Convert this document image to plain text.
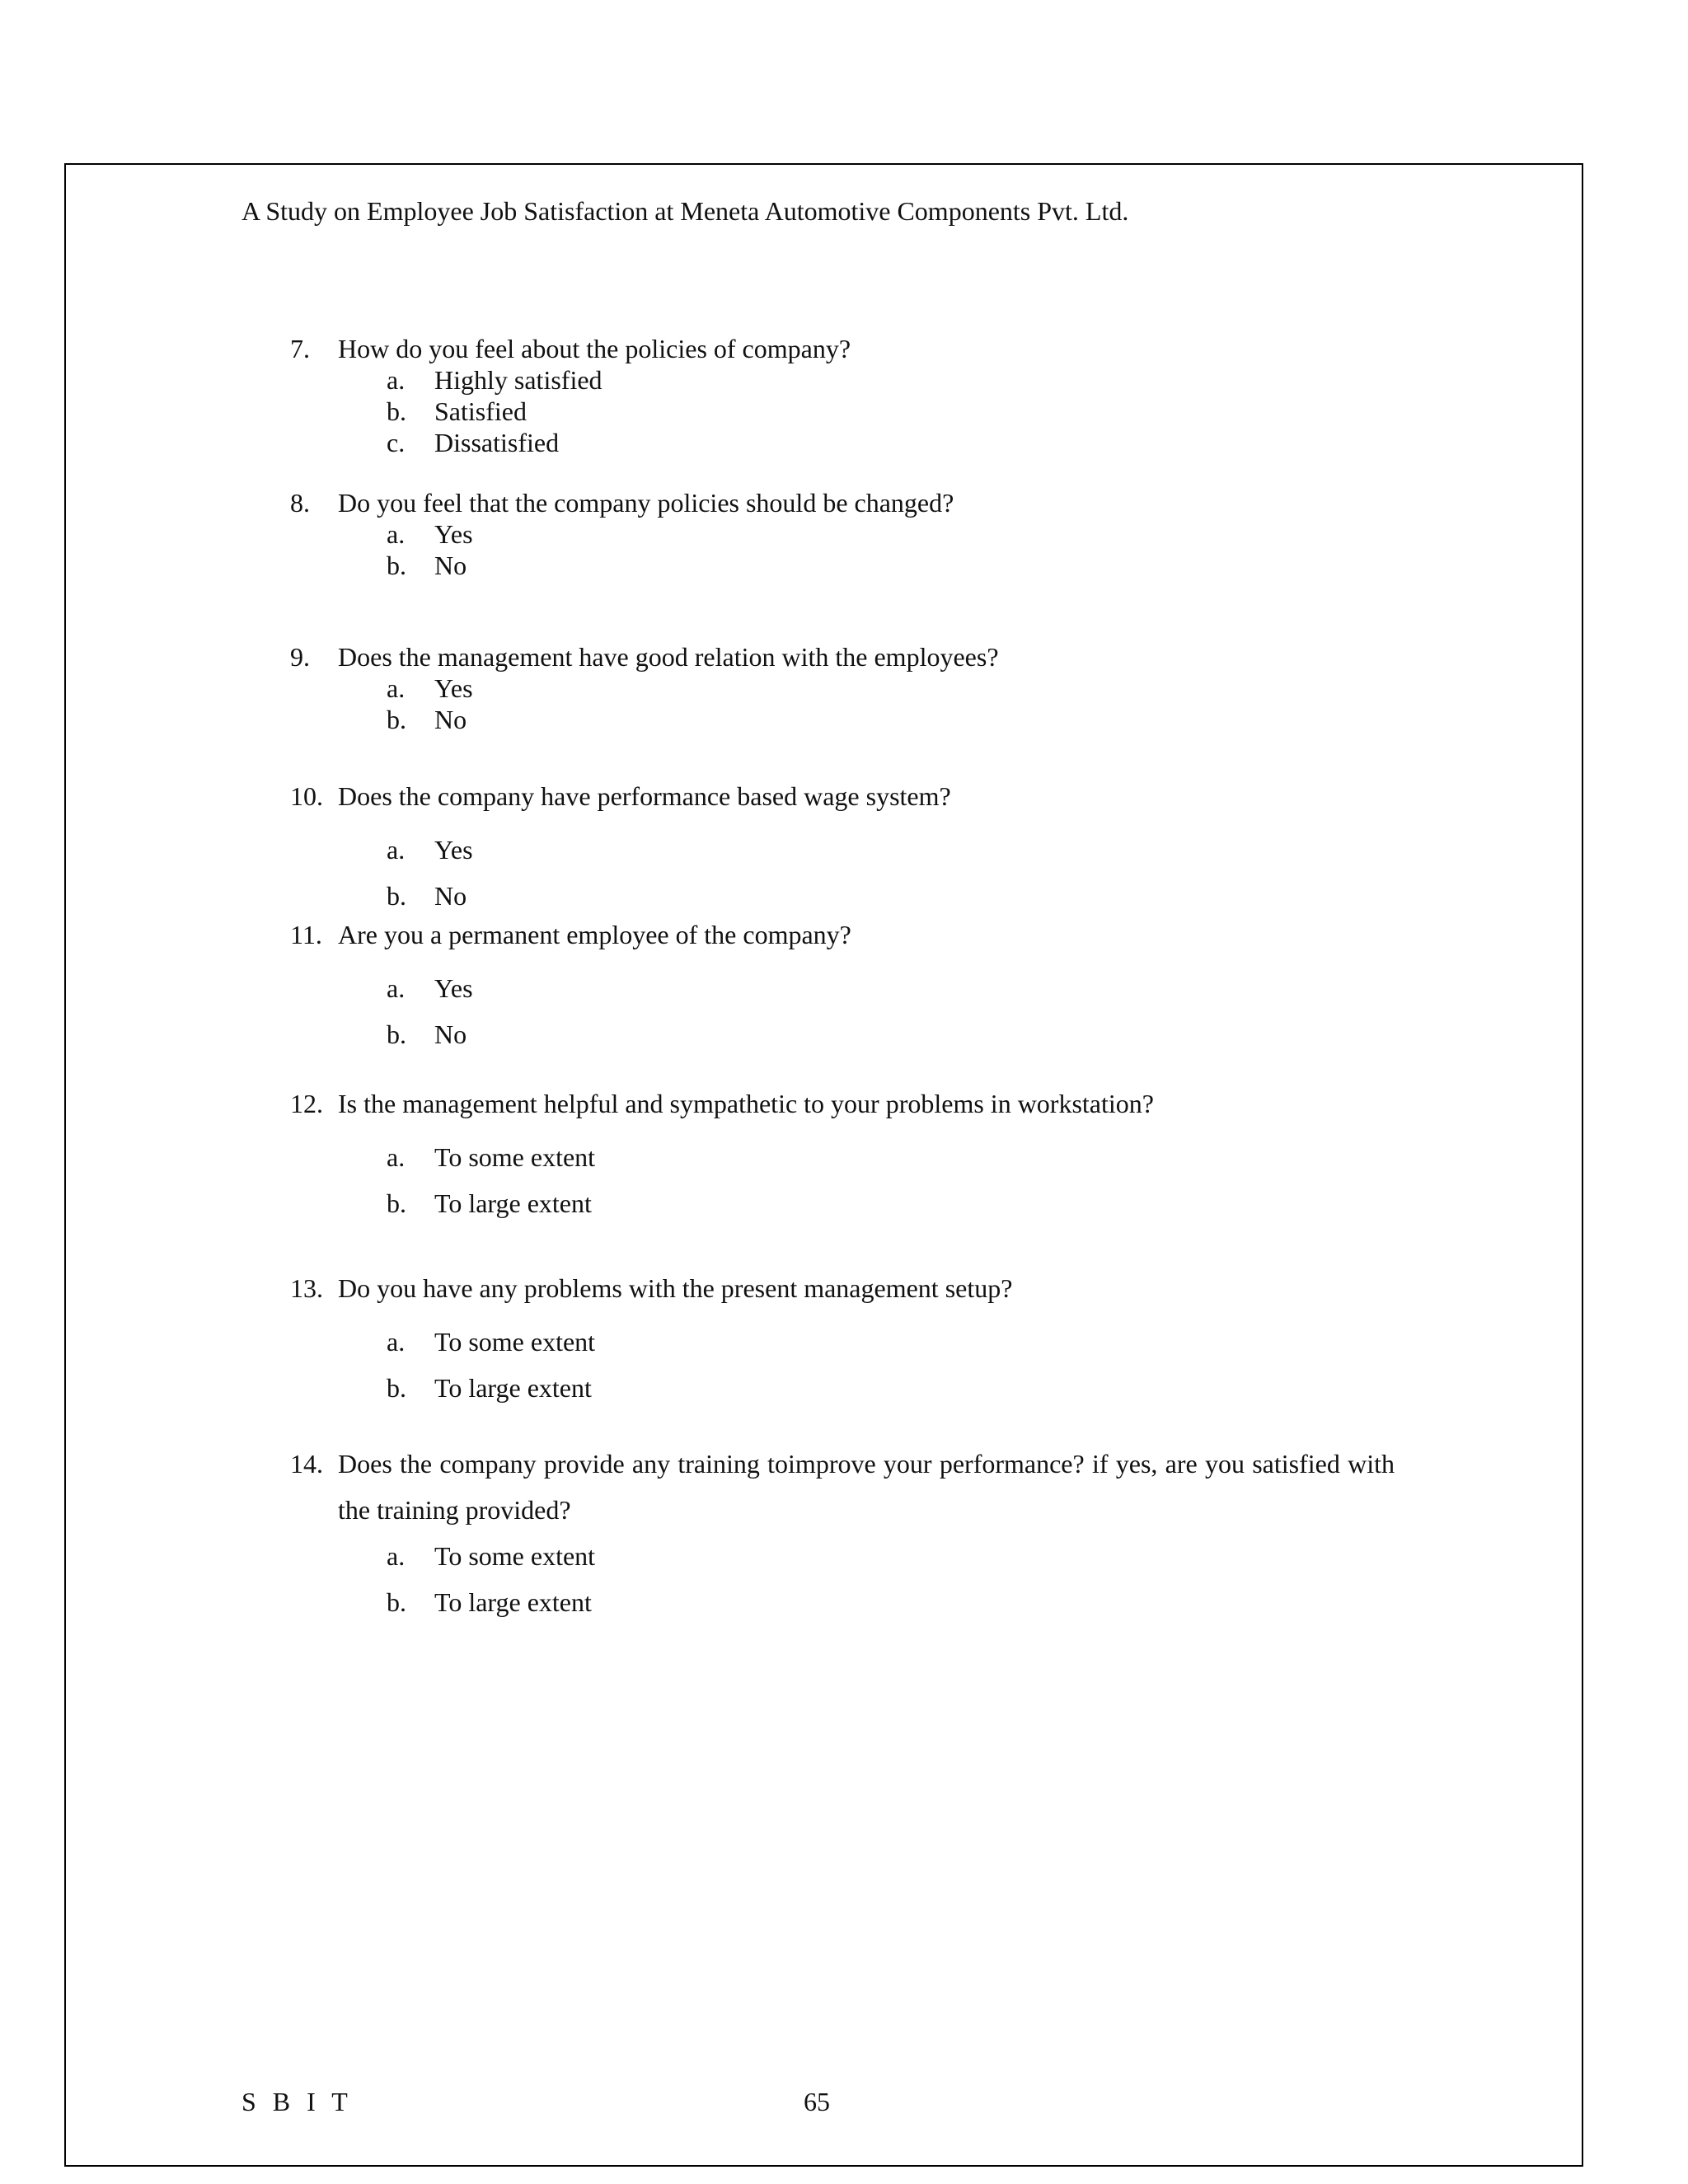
A Study on Employee Job Satisfaction at Meneta Automotive Components Pvt. Ltd.
7.	How do you feel about the policies of company?
a.	Highly satisfied
b.	Satisfied
c.	Dissatisfied
8.	Do you feel that the company policies should be changed?
a.	Yes
b.	No
9.	Does the management have good relation with the employees?
a.	Yes
b.	No
10. Does the company have performance based wage system?
a.	Yes
b.	No
11. Are you a permanent employee of the company?
a.	Yes
b.	No
12. Is the management helpful and sympathetic to your problems in workstation?
a.	To some extent
b.	To large extent
13. Do you have any problems with the present management setup?
a.	To some extent
b.	To large extent
14. Does the company provide any training toimprove your performance? if yes, are you satisfied with the training provided?
a.	To some extent
b.	To large extent
S B I T	65
